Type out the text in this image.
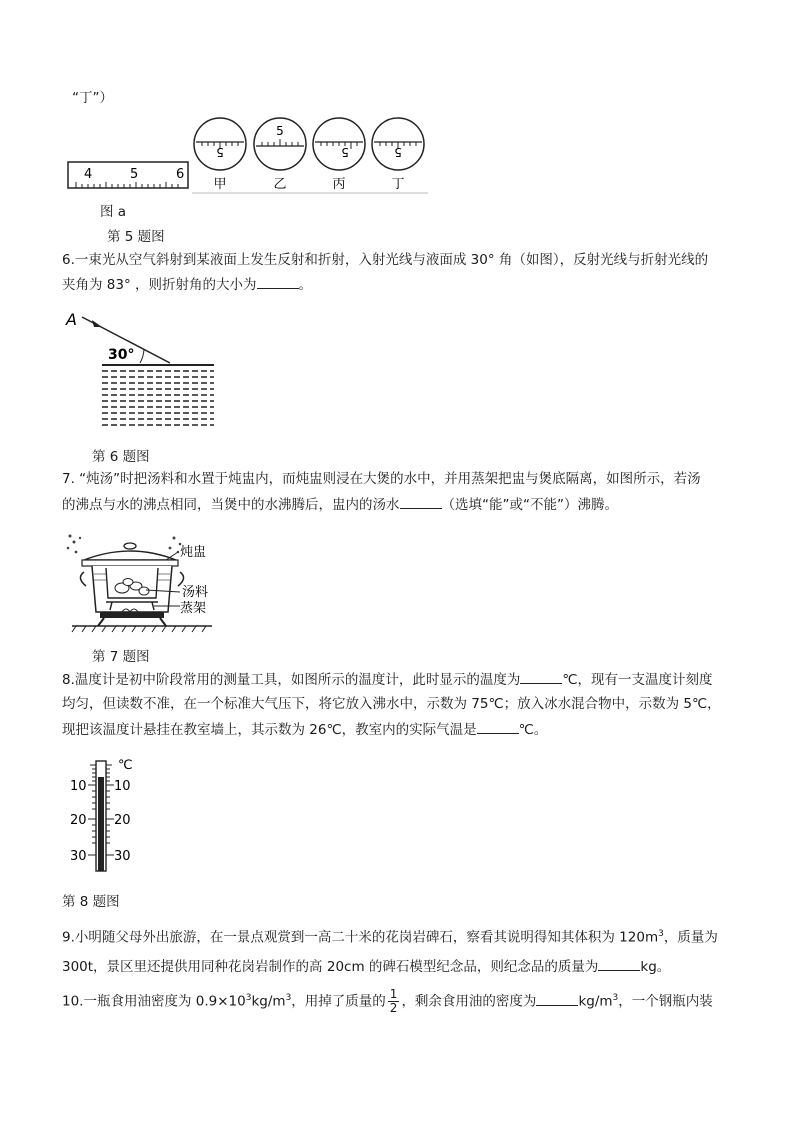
“丁”）
4	5	6
5
5
5	5
甲	乙	丙	丁
图 a
第 5 题图
6.一束光从空气斜射到某液面上发生反射和折射，入射光线与液面成 30° 角（如图），反射光线与折射光线的
夹角为 83° ，则折射角的大小为	。
A
30°
第 6 题图
7. “炖汤”时把汤料和水置于炖盅内，而炖盅则浸在大煲的水中，并用蒸架把盅与煲底隔离，如图所示，若汤
的沸点与水的沸点相同，当煲中的水沸腾后，盅内的汤水	（选填“能”或“不能”）沸腾。
炖盅
汤料
蒸架
第 7 题图
8.温度计是初中阶段常用的测量工具，如图所示的温度计，此时显示的温度为	℃，现有一支温度计刻度
均匀，但读数不准，在一个标准大气压下，将它放入沸水中，示数为 75℃；放入冰水混合物中，示数为 5℃，
现把该温度计悬挂在教室墙上，其示数为 26℃，教室内的实际气温是	℃。
℃
10 10
20 20
30 30
第 8 题图
9.小明随父母外出旅游，在一景点观赏到一高二十米的花岗岩碑石，察看其说明得知其体积为 $120m^3$，质量为
300t，景区里还提供用同种花岗岩制作的高 20cm 的碑石模型纪念品，则纪念品的质量为	kg。
10.一瓶食用油密度为 $0.9\times 10^3kg/m^3$，用掉了质量的 $\frac{1}{2}$ ，剩余食用油的密度为	$kg/m^3$，一个钢瓶内装
